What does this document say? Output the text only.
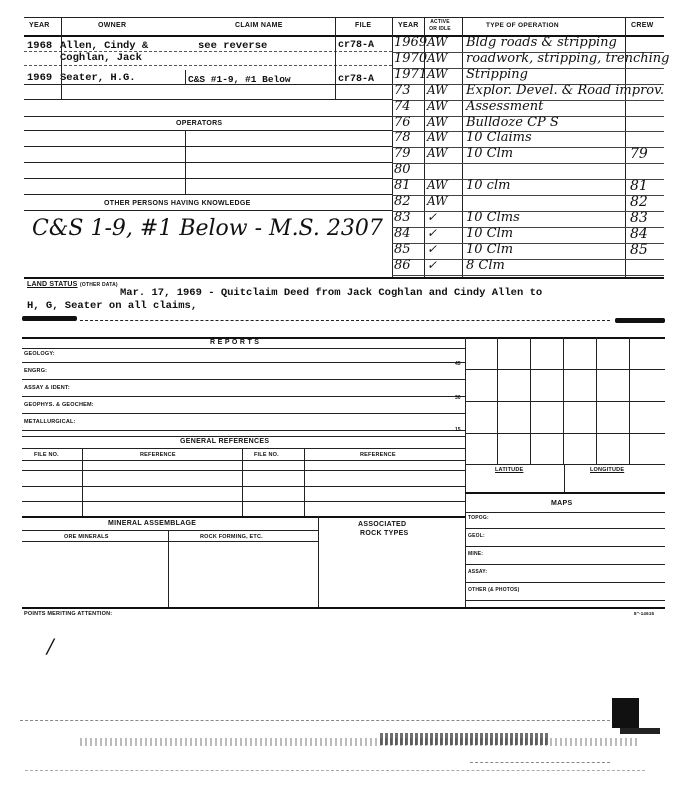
YEAR	OWNER	CLAIM NAME	FILE	YEAR	ACTIVE OR IDLE	TYPE OF OPERATION	CREW
1968 Allen, Cindy &	see reverse	cr78-A
Coghlan, Jack
1969 Seater, H.G.	C&S #1-9, #1 Below	cr78-A
OPERATORS
OTHER PERSONS HAVING KNOWLEDGE
C&S 1-9, #1 Below - M.S. 2307
1969 AW Bldg roads & stripping
1970 AW roadwork, stripping, trenching
1971 AW Stripping
73 AW Explor. Devel. & Road improv.
74 AW Assessment
76 AW Bulldoze CP S
78 AW 10 Claims
79 AW 10 Clm	79
80
81 AW 10 clm	81
82 AW	82
83 ✓ 10 Clms	83
84 ✓ 10 Clm	84
85 ✓ 10 Clm	85
86 ✓ 8 Clm
LAND STATUS (OTHER DATA)
Mar. 17, 1969 - Quitclaim Deed from Jack Coghlan and Cindy Allen to
H, G, Seater on all claims,
R E P O R T S
GEOLOGY:
ENGRG:
ASSAY & IDENT:
GEOPHYS. & GEOCHEM:
METALLURGICAL:
45
30
15
LATITUDE	LONGITUDE
GENERAL REFERENCES
FILE NO.	REFERENCE	FILE NO.	REFERENCE
MAPS
TOPOG:
GEOL:
MINE:
ASSAY:
OTHER (& PHOTOS)
MINERAL ASSEMBLAGE	ASSOCIATED
ROCK TYPES
ORE MINERALS	ROCK FORMING, ETC.
POINTS MERITING ATTENTION:	8"-14615
/
